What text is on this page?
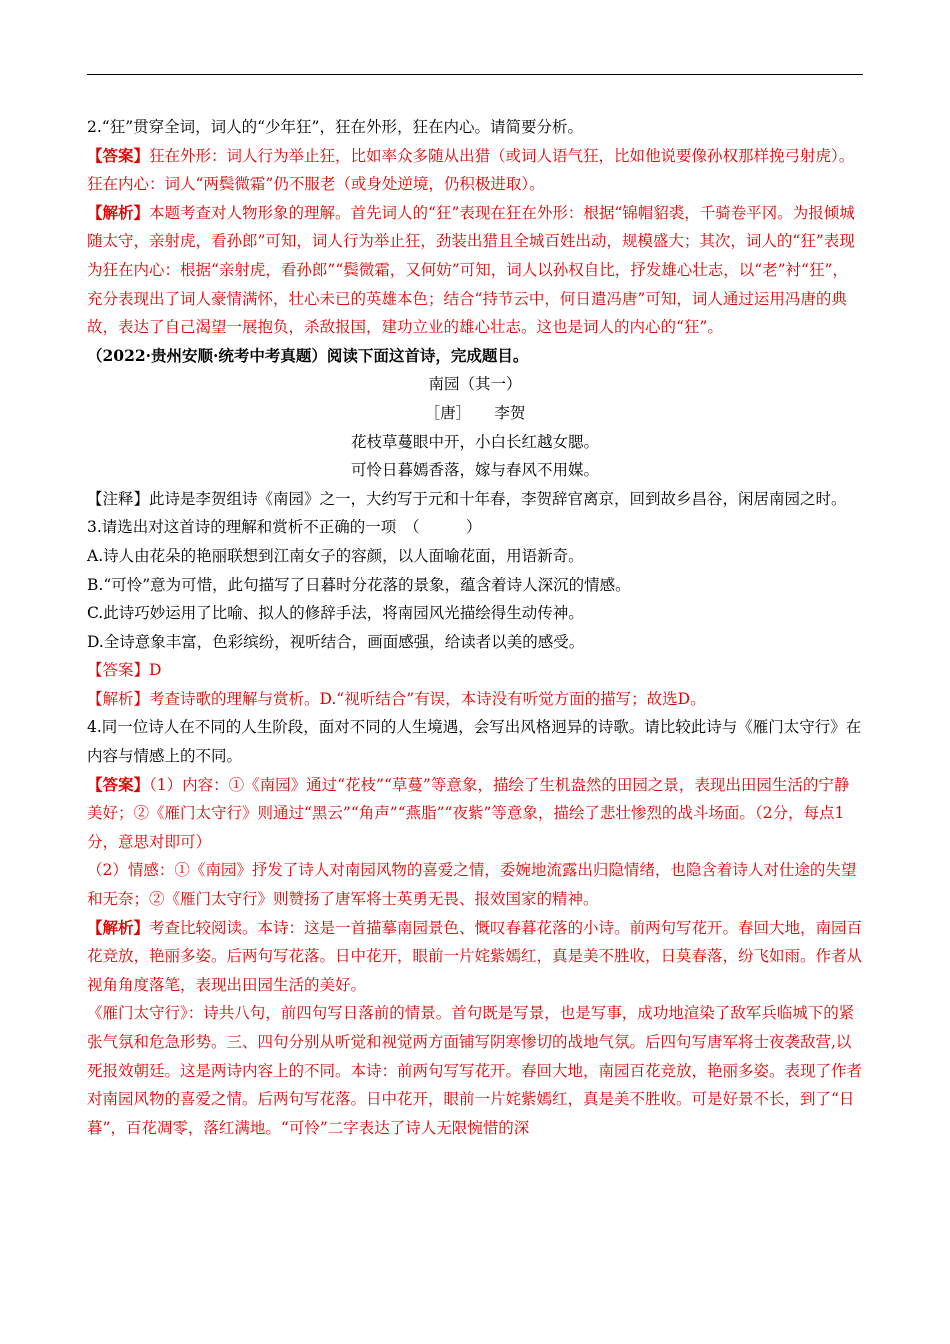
2.“狂”贯穿全词，词人的“少年狂”，狂在外形，狂在内心。请简要分析。

【答案】狂在外形：词人行为举止狂，比如率众多随从出猎（或词人语气狂，比如他说要像孙权那样挽弓射虎）。

狂在内心：词人“两鬓微霜”仍不服老（或身处逆境，仍积极进取）。

【解析】本题考查对人物形象的理解。首先词人的“狂”表现在狂在外形：根据“锦帽貂裘，千骑卷平冈。为报倾城随太守，亲射虎，看孙郎”可知，词人行为举止狂，劲装出猎且全城百姓出动，规模盛大；其次，词人的“狂”表现为狂在内心：根据“亲射虎，看孙郎”“鬓微霜，又何妨”可知，词人以孙权自比，抒发雄心壮志，以“老”衬“狂”，充分表现出了词人豪情满怀，壮心未已的英雄本色；结合“持节云中，何日遣冯唐”可知，词人通过运用冯唐的典故，表达了自己渴望一展抱负，杀敌报国，建功立业的雄心壮志。这也是词人的内心的“狂”。

（2022·贵州安顺·统考中考真题）阅读下面这首诗，完成题目。

南园（其一）

［唐］　　李贺

花枝草蔓眼中开，小白长红越女腮。

可怜日暮嫣香落，嫁与春风不用媒。

【注释】此诗是李贺组诗《南园》之一，大约写于元和十年春，李贺辞官离京，回到故乡昌谷，闲居南园之时。

3.请选出对这首诗的理解和赏析不正确的一项　（　　　）

A.诗人由花朵的艳丽联想到江南女子的容颜，以人面喻花面，用语新奇。

B.“可怜”意为可惜，此句描写了日暮时分花落的景象，蕴含着诗人深沉的情感。

C.此诗巧妙运用了比喻、拟人的修辞手法，将南园风光描绘得生动传神。

D.全诗意象丰富，色彩缤纷，视听结合，画面感强，给读者以美的感受。

【答案】D

【解析】考查诗歌的理解与赏析。D.“视听结合”有误，本诗没有听觉方面的描写；故选D。

4.同一位诗人在不同的人生阶段，面对不同的人生境遇，会写出风格迥异的诗歌。请比较此诗与《雁门太守行》在内容与情感上的不同。

【答案】（1）内容：①《南园》通过“花枝”“草蔓”等意象，描绘了生机盎然的田园之景，表现出田园生活的宁静美好；②《雁门太守行》则通过“黑云”“角声”“燕脂”“夜紫”等意象，描绘了悲壮惨烈的战斗场面。（2分，每点1分，意思对即可）

（2）情感：①《南园》抒发了诗人对南园风物的喜爱之情，委婉地流露出归隐情绪，也隐含着诗人对仕途的失望和无奈；②《雁门太守行》则赞扬了唐军将士英勇无畏、报效国家的精神。

【解析】考查比较阅读。本诗：这是一首描摹南园景色、慨叹春暮花落的小诗。前两句写花开。春回大地，南园百花竞放，艳丽多姿。后两句写花落。日中花开，眼前一片姹紫嫣红，真是美不胜收，日莫春落，纷飞如雨。作者从视角角度落笔，表现出田园生活的美好。

《雁门太守行》：诗共八句，前四句写日落前的情景。首句既是写景，也是写事，成功地渲染了敌军兵临城下的紧张气氛和危急形势。三、四句分别从听觉和视觉两方面铺写阴寒惨切的战地气氛。后四句写唐军将士夜袭敌营,以死报效朝廷。这是两诗内容上的不同。本诗：前两句写写花开。春回大地，南园百花竞放，艳丽多姿。表现了作者对南园风物的喜爱之情。后两句写花落。日中花开，眼前一片姹紫嫣红，真是美不胜收。可是好景不长，到了“日暮”，百花凋零，落红满地。“可怜”二字表达了诗人无限惋惜的深
